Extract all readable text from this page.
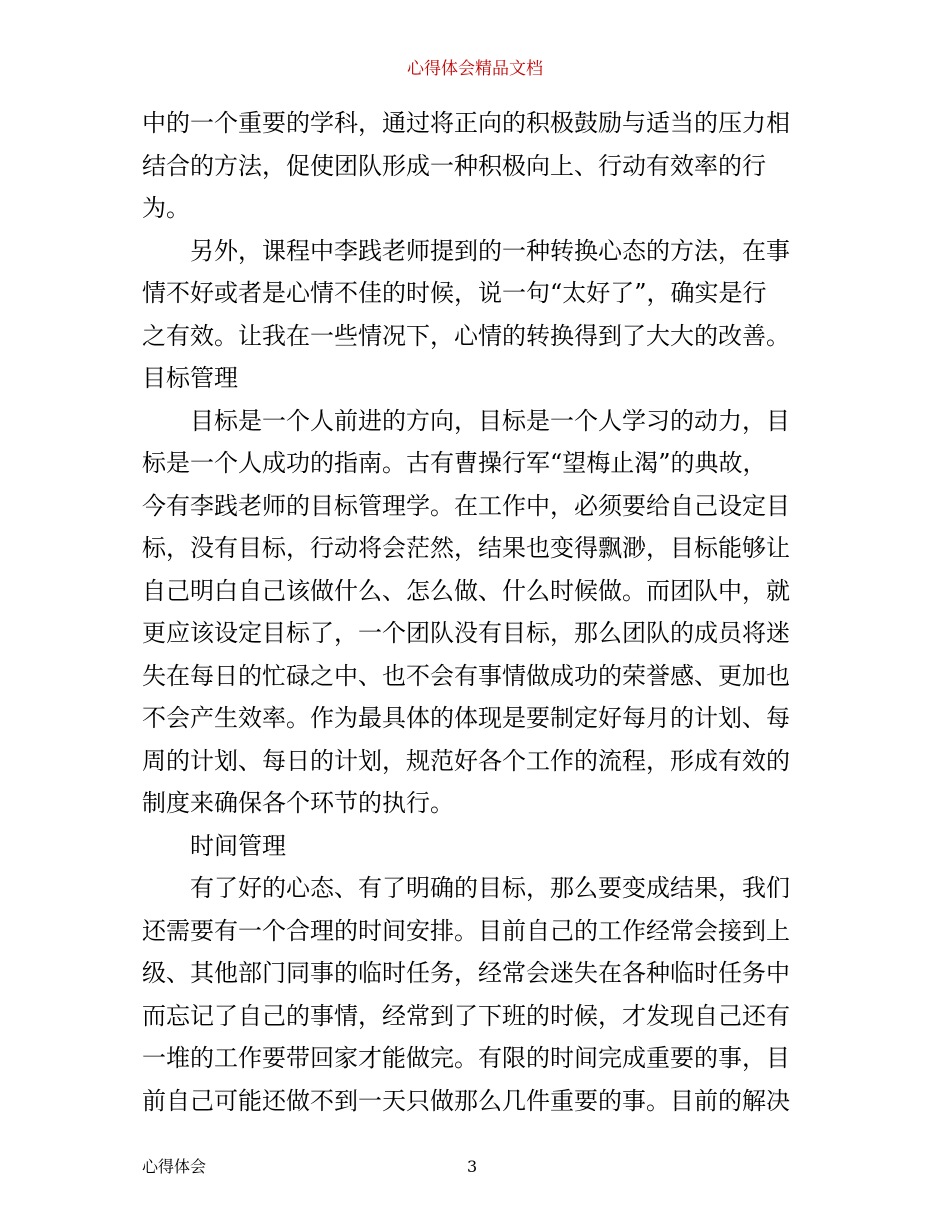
心得体会精品文档
中的一个重要的学科，通过将正向的积极鼓励与适当的压力相
结合的方法，促使团队形成一种积极向上、行动有效率的行
为。
另外，课程中李践老师提到的一种转换心态的方法，在事
情不好或者是心情不佳的时候，说一句“太好了”，确实是行
之有效。让我在一些情况下，心情的转换得到了大大的改善。
目标管理
目标是一个人前进的方向，目标是一个人学习的动力，目
标是一个人成功的指南。古有曹操行军“望梅止渴”的典故，
今有李践老师的目标管理学。在工作中，必须要给自己设定目
标，没有目标，行动将会茫然，结果也变得飘渺，目标能够让
自己明白自己该做什么、怎么做、什么时候做。而团队中，就
更应该设定目标了，一个团队没有目标，那么团队的成员将迷
失在每日的忙碌之中、也不会有事情做成功的荣誉感、更加也
不会产生效率。作为最具体的体现是要制定好每月的计划、每
周的计划、每日的计划，规范好各个工作的流程，形成有效的
制度来确保各个环节的执行。
时间管理
有了好的心态、有了明确的目标，那么要变成结果，我们
还需要有一个合理的时间安排。目前自己的工作经常会接到上
级、其他部门同事的临时任务，经常会迷失在各种临时任务中
而忘记了自己的事情，经常到了下班的时候，才发现自己还有
一堆的工作要带回家才能做完。有限的时间完成重要的事，目
前自己可能还做不到一天只做那么几件重要的事。目前的解决
心得体会	3
